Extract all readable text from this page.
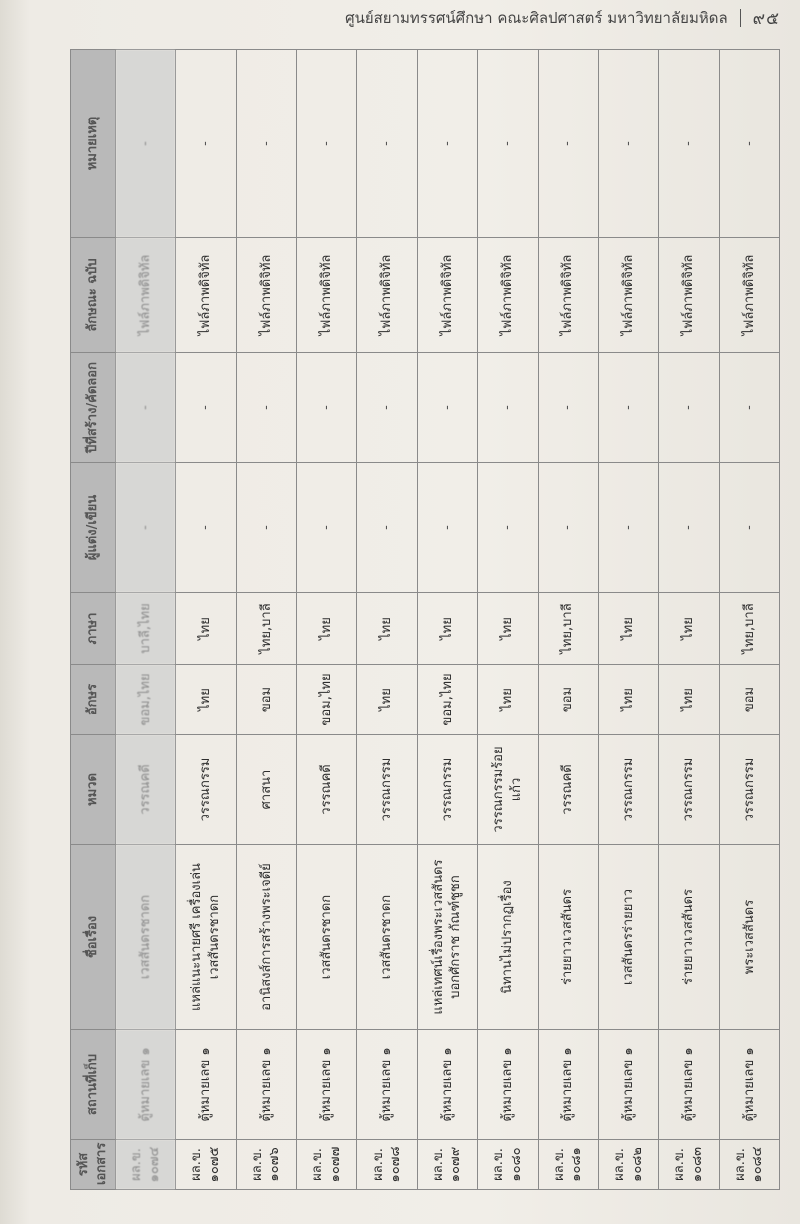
ศูนย์สยามทรรศน์ศึกษา คณะศิลปศาสตร์ มหาวิทยาลัยมหิดล ๙๕
รหัส เอกสาร	สถานที่เก็บ	ชื่อเรื่อง	หมวด	อักษร	ภาษา	ผู้แต่ง/เขียน	ปีที่สร้าง/คัดลอก	ลักษณะ ฉบับ	หมายเหตุ
ผล.ข. ๑๐๗๔	ตู้หมายเลข ๑	เวสสันดรชาดก	วรรณคดี	ขอม,ไทย	บาลี,ไทย	-	-	ไฟล์ภาพดิจิทัล	-
ผล.ข. ๑๐๗๕	ตู้หมายเลข ๑	แหล่แนะนายศรี เครื่องเล่น เวสสันดรชาดก	วรรณกรรม	ไทย	ไทย	-	-	ไฟล์ภาพดิจิทัล	-
ผล.ข. ๑๐๗๖	ตู้หมายเลข ๑	อานิสงส์การสร้างพระเจดีย์	ศาสนา	ขอม	ไทย,บาลี	-	-	ไฟล์ภาพดิจิทัล	-
ผล.ข. ๑๐๗๗	ตู้หมายเลข ๑	เวสสันดรชาดก	วรรณคดี	ขอม,ไทย	ไทย	-	-	ไฟล์ภาพดิจิทัล	-
ผล.ข. ๑๐๗๘	ตู้หมายเลข ๑	เวสสันดรชาดก	วรรณกรรม	ไทย	ไทย	-	-	ไฟล์ภาพดิจิทัล	-
ผล.ข. ๑๐๗๙	ตู้หมายเลข ๑	แหล่เทศน์เรื่องพระเวสสันดร บอกศักราช กัณฑ์ชูชก	วรรณกรรม	ขอม,ไทย	ไทย	-	-	ไฟล์ภาพดิจิทัล	-
ผล.ข. ๑๐๘๐	ตู้หมายเลข ๑	นิทานไม่ปรากฏเรื่อง	วรรณกรรมร้อยแก้ว	ไทย	ไทย	-	-	ไฟล์ภาพดิจิทัล	-
ผล.ข. ๑๐๘๑	ตู้หมายเลข ๑	ร่ายยาวเวสสันดร	วรรณคดี	ขอม	ไทย,บาลี	-	-	ไฟล์ภาพดิจิทัล	-
ผล.ข. ๑๐๘๒	ตู้หมายเลข ๑	เวสสันดรร่ายยาว	วรรณกรรม	ไทย	ไทย	-	-	ไฟล์ภาพดิจิทัล	-
ผล.ข. ๑๐๘๓	ตู้หมายเลข ๑	ร่ายยาวเวสสันดร	วรรณกรรม	ไทย	ไทย	-	-	ไฟล์ภาพดิจิทัล	-
ผล.ข. ๑๐๘๔	ตู้หมายเลข ๑	พระเวสสันดร	วรรณกรรม	ขอม	ไทย,บาลี	-	-	ไฟล์ภาพดิจิทัล	-
